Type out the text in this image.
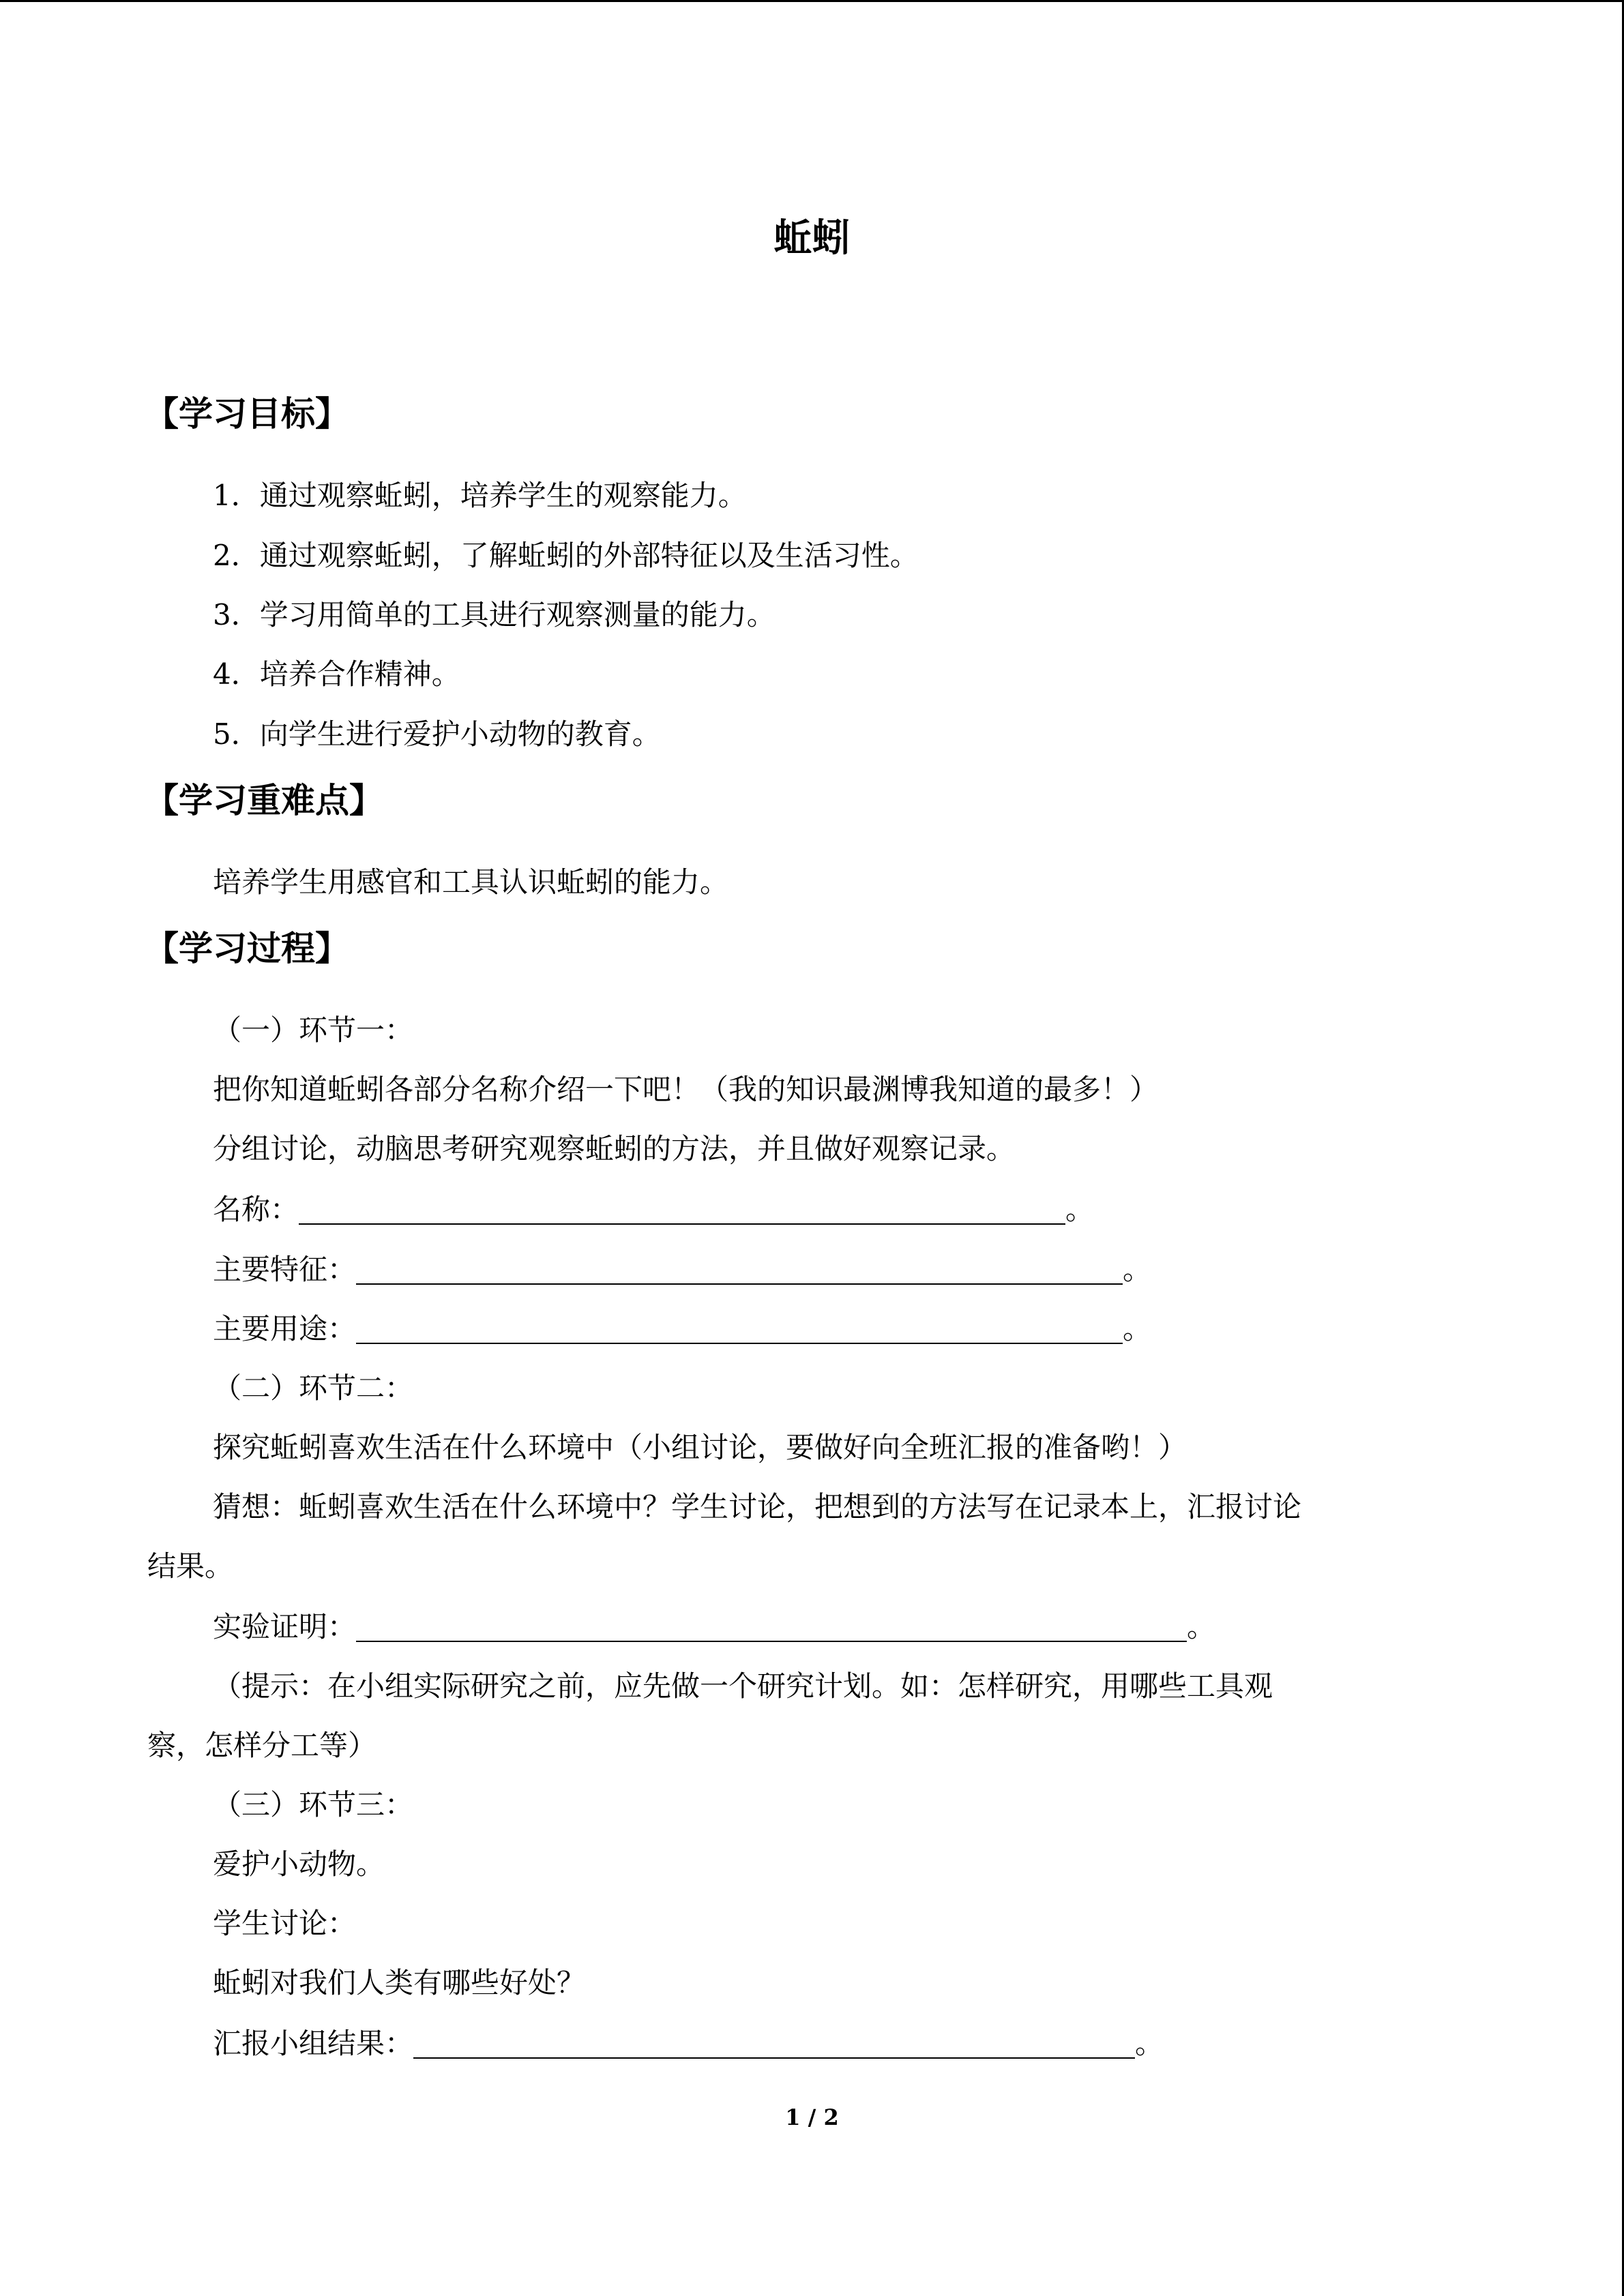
蚯蚓
【学习目标】
1．通过观察蚯蚓，培养学生的观察能力。
2．通过观察蚯蚓，了解蚯蚓的外部特征以及生活习性。
3．学习用简单的工具进行观察测量的能力。
4．培养合作精神。
5．向学生进行爱护小动物的教育。
【学习重难点】
培养学生用感官和工具认识蚯蚓的能力。
【学习过程】
（一）环节一：
把你知道蚯蚓各部分名称介绍一下吧！（我的知识最渊博我知道的最多！）
分组讨论，动脑思考研究观察蚯蚓的方法，并且做好观察记录。
名称：	。
主要特征：	。
主要用途：	。
（二）环节二：
探究蚯蚓喜欢生活在什么环境中（小组讨论，要做好向全班汇报的准备哟！）
猜想：蚯蚓喜欢生活在什么环境中？学生讨论，把想到的方法写在记录本上，汇报讨论
结果。
实验证明：	。
（提示：在小组实际研究之前，应先做一个研究计划。如：怎样研究，用哪些工具观
察，怎样分工等）
（三）环节三：
爱护小动物。
学生讨论：
蚯蚓对我们人类有哪些好处？
汇报小组结果：	。
1 / 2
